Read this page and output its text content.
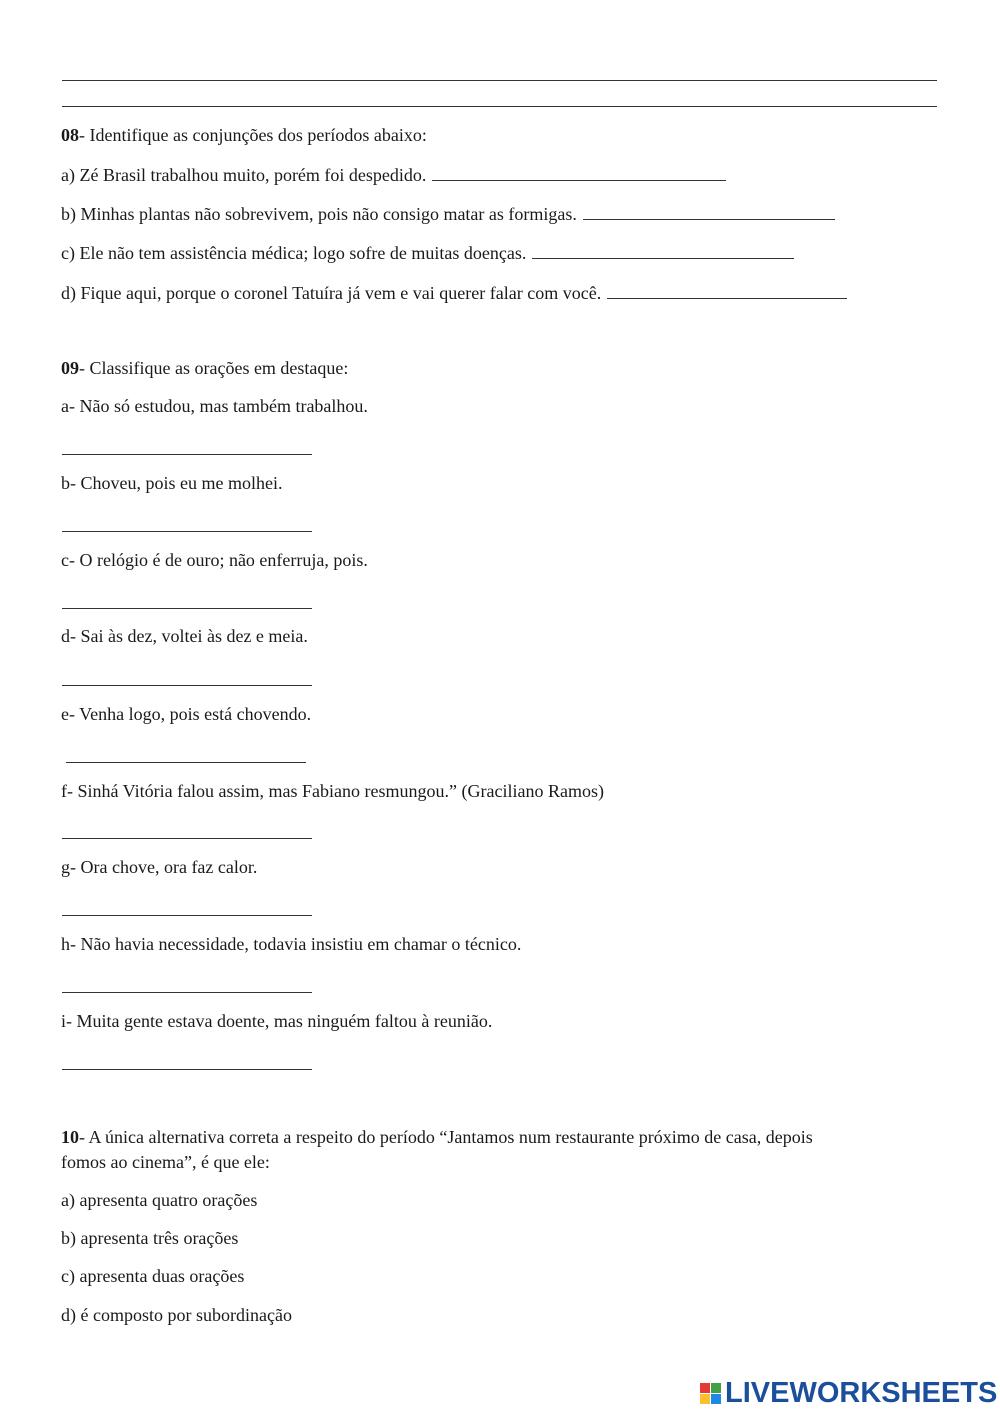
08- Identifique as conjunções dos períodos abaixo:
a) Zé Brasil trabalhou muito, porém foi despedido.
b) Minhas plantas não sobrevivem, pois não consigo matar as formigas.
c) Ele não tem assistência médica; logo sofre de muitas doenças.
d) Fique aqui, porque o coronel Tatuíra já vem e vai querer falar com você.
09- Classifique as orações em destaque:
a- Não só estudou, mas também trabalhou.
b- Choveu, pois eu me molhei.
c- O relógio é de ouro; não enferruja, pois.
d- Sai às dez, voltei às dez e meia.
e- Venha logo, pois está chovendo.
f- Sinhá Vitória falou assim, mas Fabiano resmungou.” (Graciliano Ramos)
g- Ora chove, ora faz calor.
h- Não havia necessidade, todavia insistiu em chamar o técnico.
i- Muita gente estava doente, mas ninguém faltou à reunião.
10- A única alternativa correta a respeito do período “Jantamos num restaurante próximo de casa, depois
fomos ao cinema”, é que ele:
a) apresenta quatro orações
b) apresenta três orações
c) apresenta duas orações
d) é composto por subordinação
LIVEWORKSHEETS
